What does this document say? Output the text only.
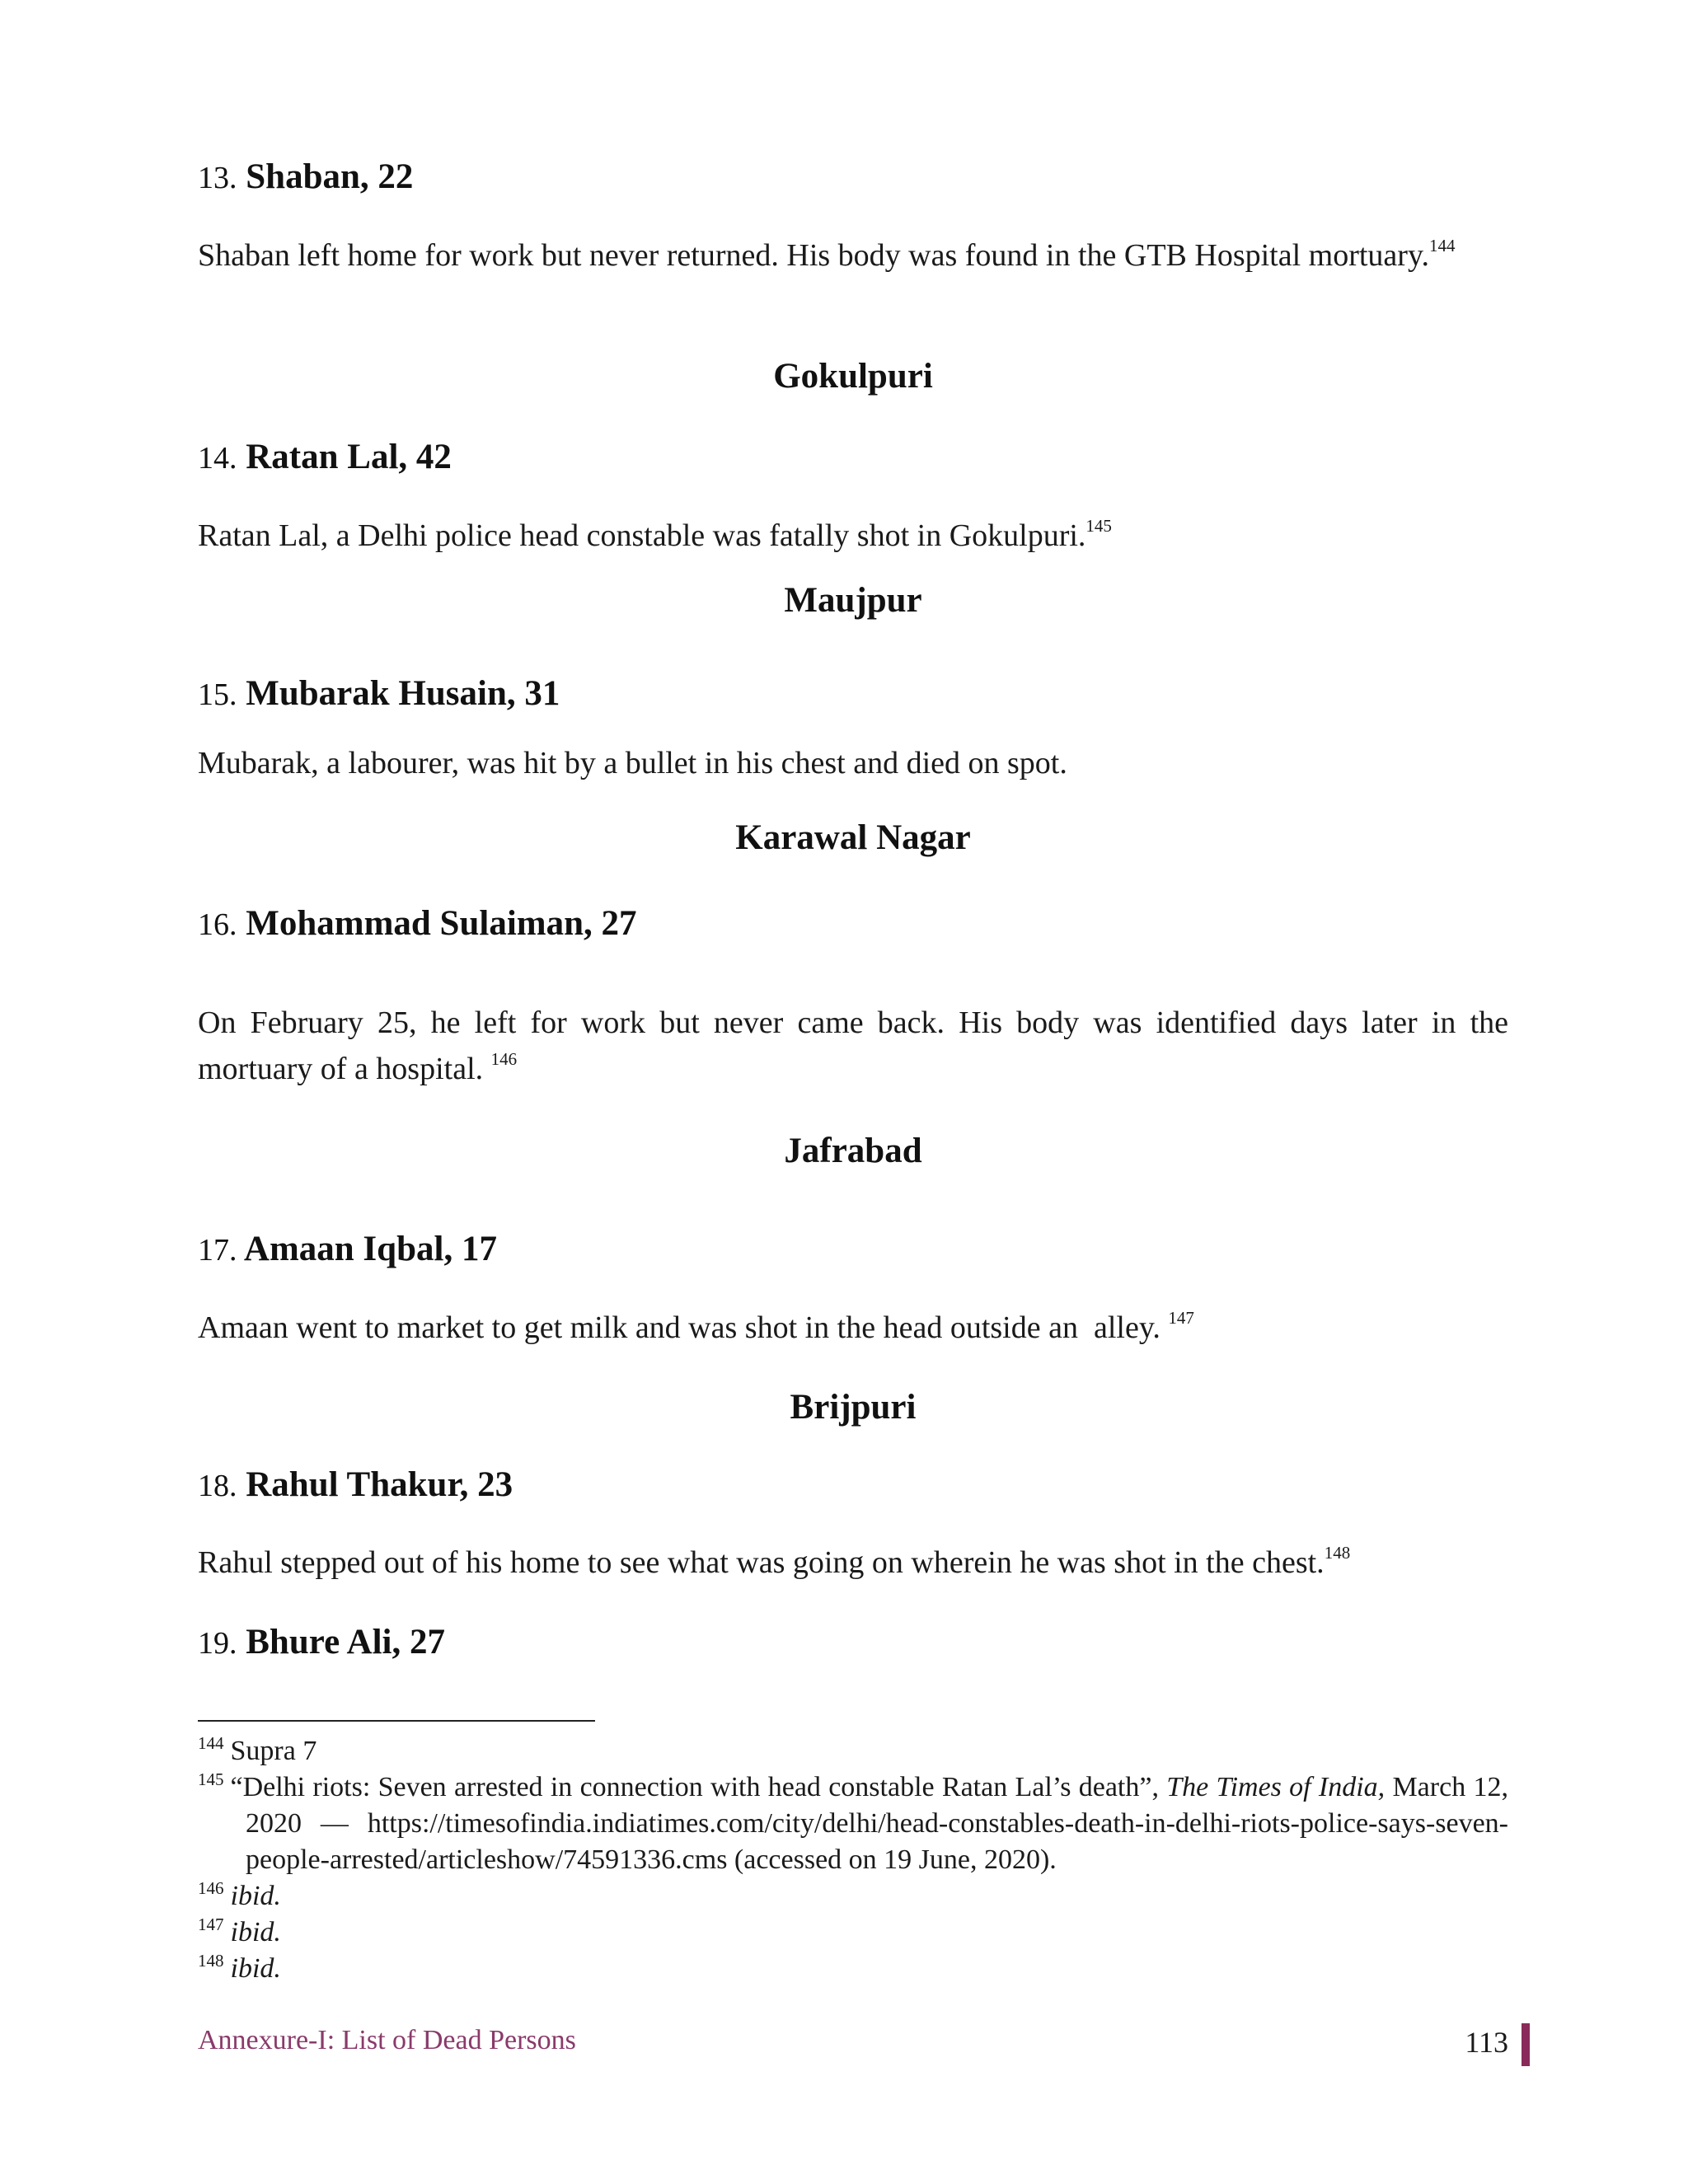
13. Shaban, 22

Shaban left home for work but never returned. His body was found in the GTB Hospital mortuary.$^{144}$

Gokulpuri
14. Ratan Lal, 42

Ratan Lal, a Delhi police head constable was fatally shot in Gokulpuri.$^{145}$

Maujpur
15. Mubarak Husain, 31

Mubarak, a labourer, was hit by a bullet in his chest and died on spot.

Karawal Nagar
16. Mohammad Sulaiman, 27

On February 25, he left for work but never came back. His body was identified days later in the mortuary of a hospital. $^{146}$

Jafrabad
17. Amaan Iqbal, 17

Amaan went to market to get milk and was shot in the head outside an  alley. $^{147}$

Brijpuri
18. Rahul Thakur, 23

Rahul stepped out of his home to see what was going on wherein he was shot in the chest.$^{148}$

19. Bhure Ali, 27

$^{144}$ Supra 7

$^{145}$ “Delhi riots: Seven arrested in connection with head constable Ratan Lal’s death”, The Times of India, March 12, 2020 — https://timesofindia.indiatimes.com/city/delhi/head-constables-death-in-delhi-riots-police-says-seven-people-arrested/articleshow/74591336.cms (accessed on 19 June, 2020).

$^{146}$ ibid.

$^{147}$ ibid.

$^{148}$ ibid.

Annexure-I: List of Dead Persons	113
